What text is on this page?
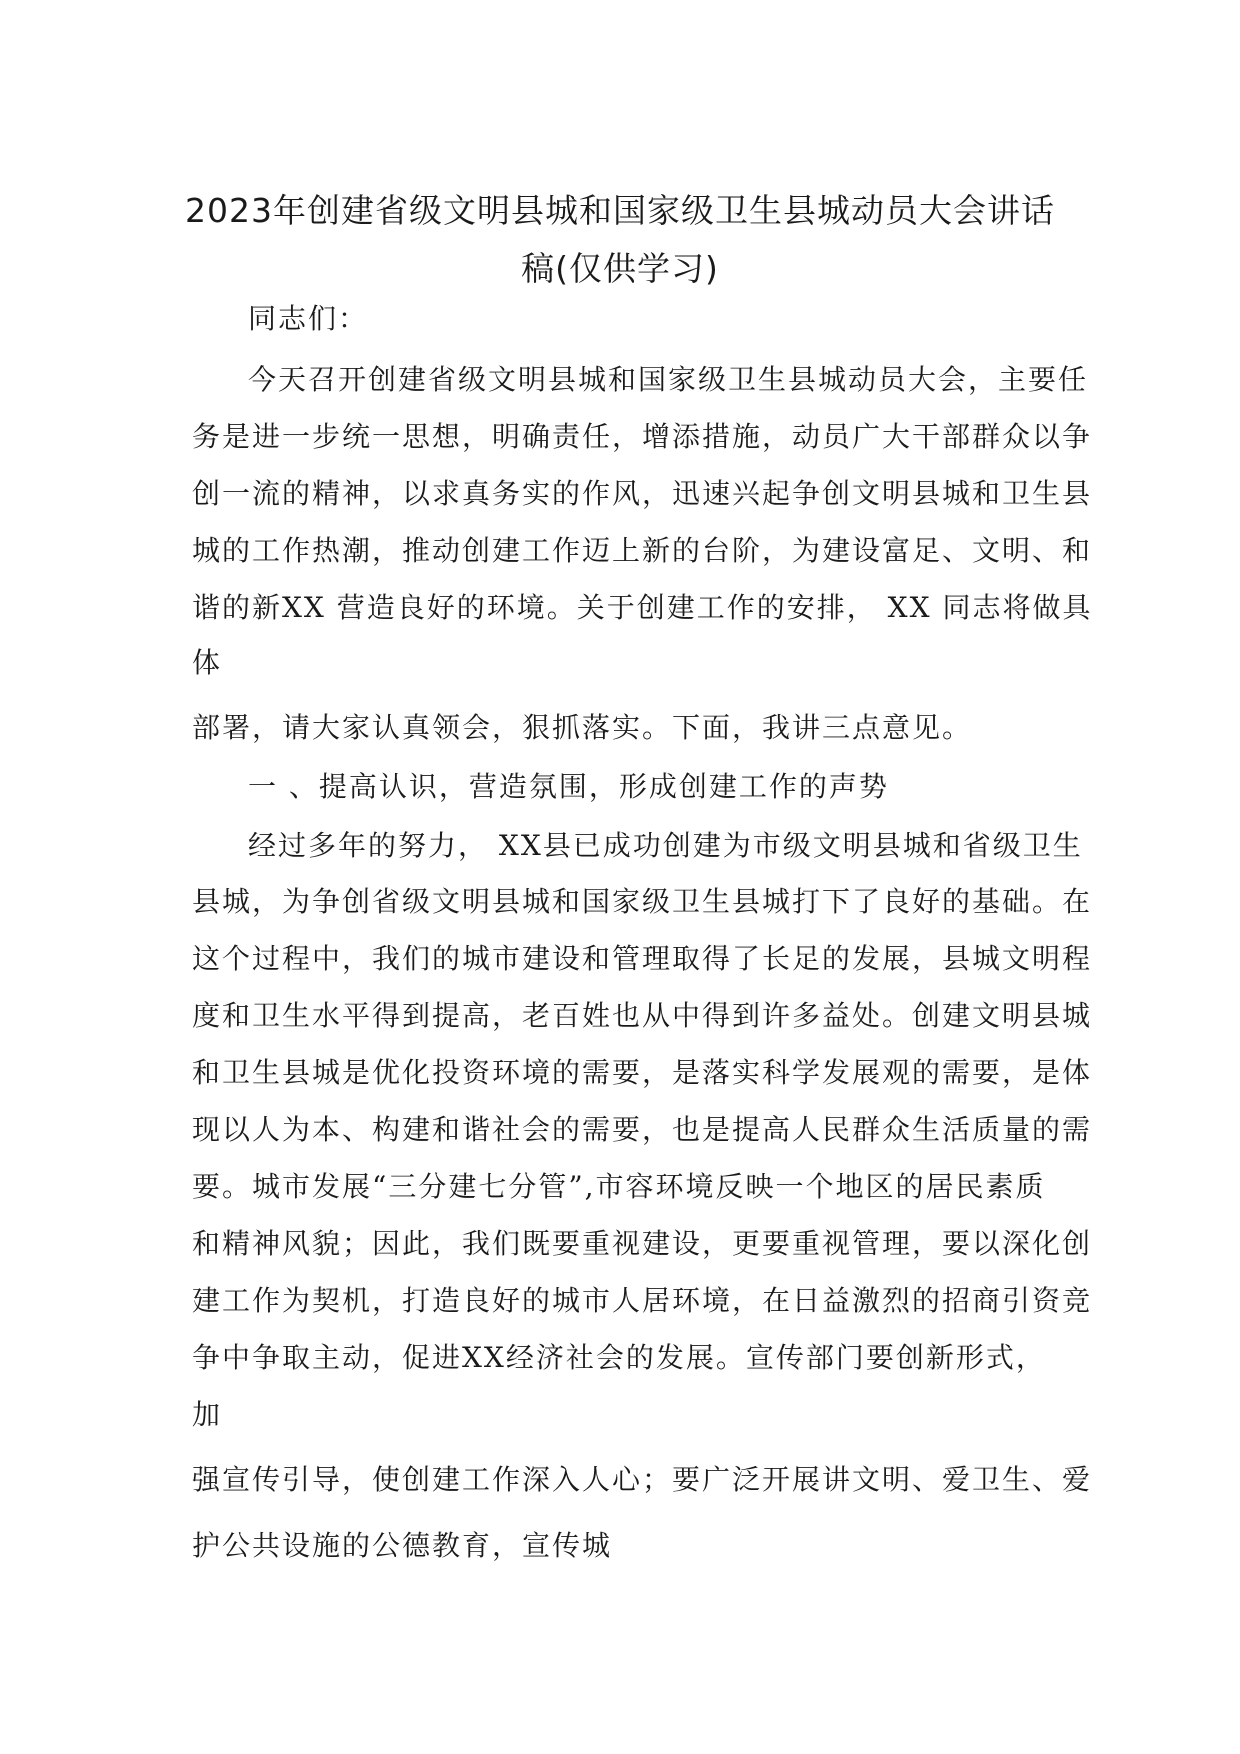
2023年创建省级文明县城和国家级卫生县城动员大会讲话
稿(仅供学习)
同志们：
今天召开创建省级文明县城和国家级卫生县城动员大会，主要任
务是进一步统一思想，明确责任，增添措施，动员广大干部群众以争
创一流的精神，以求真务实的作风，迅速兴起争创文明县城和卫生县
城的工作热潮，推动创建工作迈上新的台阶，为建设富足、文明、和
谐的新XX 营造良好的环境。关于创建工作的安排， XX 同志将做具
体
部署，请大家认真领会，狠抓落实。下面，我讲三点意见。
一 、提高认识，营造氛围，形成创建工作的声势
经过多年的努力， XX县已成功创建为市级文明县城和省级卫生
县城，为争创省级文明县城和国家级卫生县城打下了良好的基础。在
这个过程中，我们的城市建设和管理取得了长足的发展，县城文明程
度和卫生水平得到提高，老百姓也从中得到许多益处。创建文明县城
和卫生县城是优化投资环境的需要，是落实科学发展观的需要，是体
现以人为本、构建和谐社会的需要，也是提高人民群众生活质量的需
要。城市发展“三分建七分管”,市容环境反映一个地区的居民素质
和精神风貌；因此，我们既要重视建设，更要重视管理，要以深化创
建工作为契机，打造良好的城市人居环境，在日益激烈的招商引资竞
争中争取主动，促进XX经济社会的发展。宣传部门要创新形式，
加
强宣传引导，使创建工作深入人心；要广泛开展讲文明、爱卫生、爱
护公共设施的公德教育，宣传城
